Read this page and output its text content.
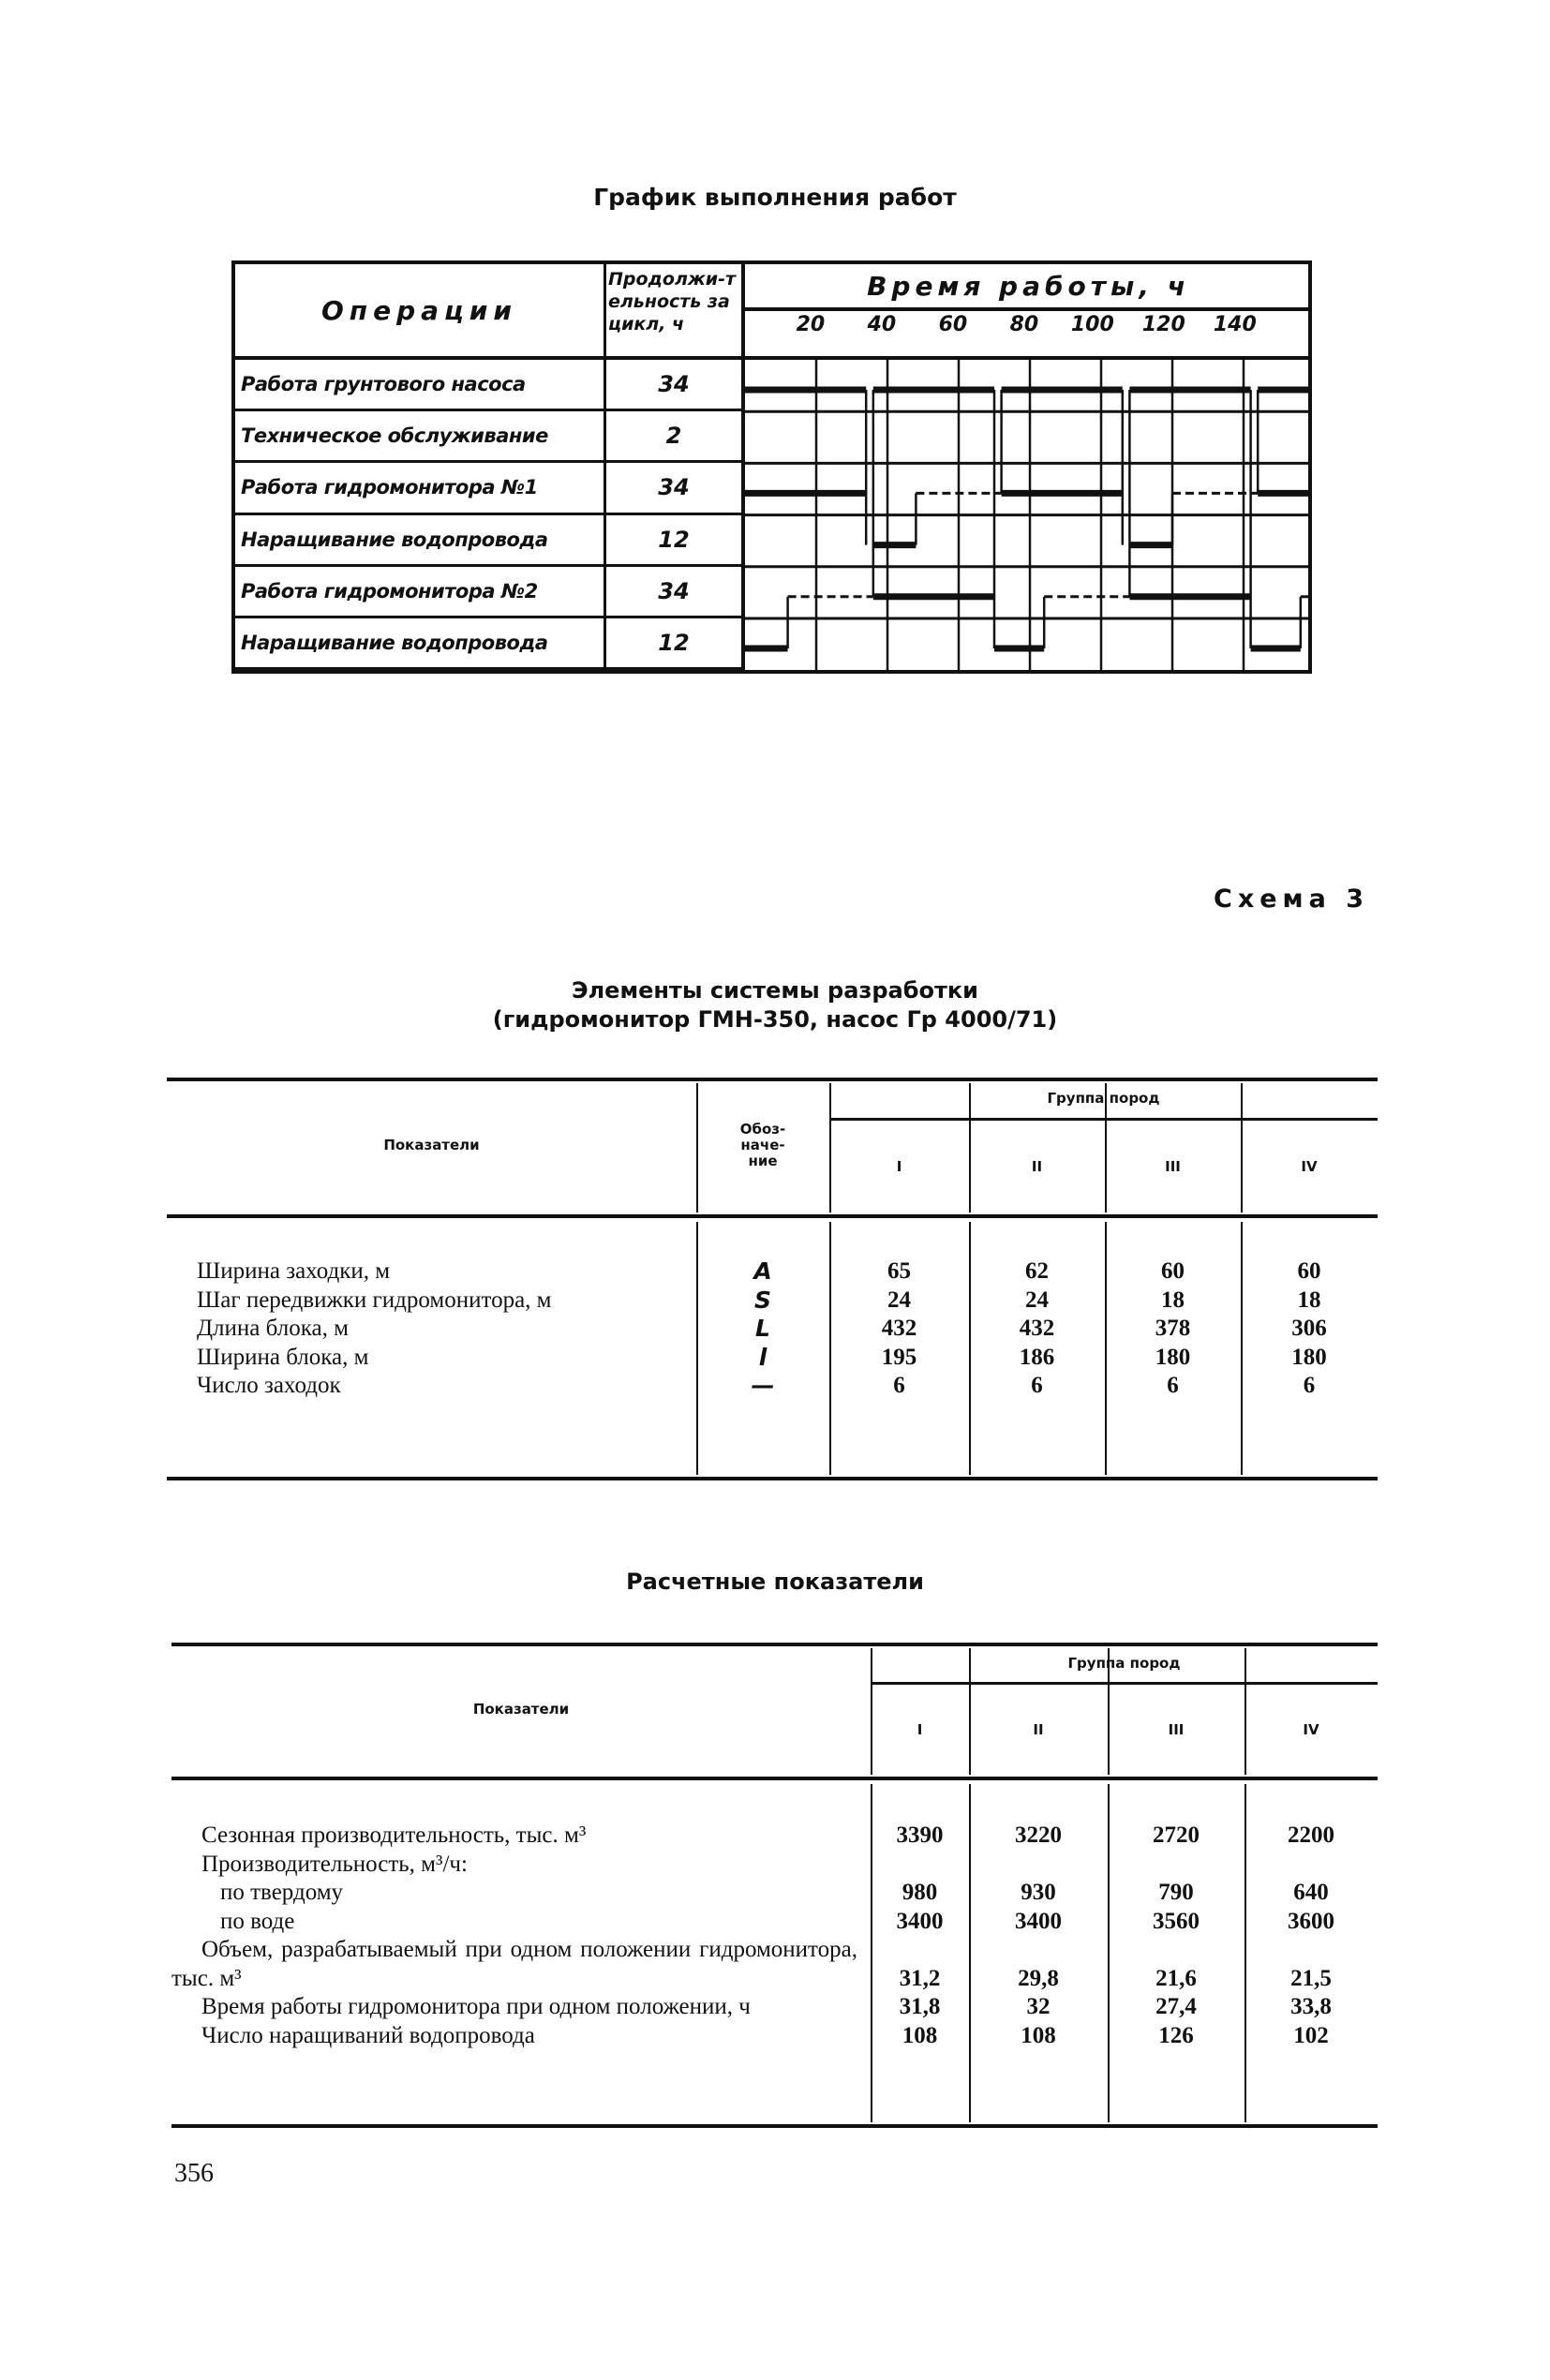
График выполнения работ
Операции
Продолжи-тельность за цикл, ч
Время работы, ч
20 40 60 80 100 120 140
Работа грунтового насоса	34
Техническое обслуживание	2
Работа гидромонитора №1	34
Наращивание водопровода	12
Работа гидромонитора №2	34
Наращивание водопровода	12
Схема 3
Элементы системы разработки
(гидромонитор ГМН-350, насос Гр 4000/71)
Показатели
Обоз-наче-ние
Группа пород
I	II	III	IV
Ширина заходки, м	A	65	62	60	60
Шаг передвижки гидромонитора, м	S	24	24	18	18
Длина блока, м	L	432	432	378	306
Ширина блока, м	l	195	186	180	180
Число заходок	—	6	6	6	6
Расчетные показатели
Показатели
Группа пород
I	II	III	IV
Сезонная производительность, тыс. м³	3390	3220	2720	2200
Производительность, м³/ч:
по твердому	980	930	790	640
по воде	3400	3400	3560	3600
Объем, разрабатываемый при одном положении гидромонитора, тыс. м³	31,2	29,8	21,6	21,5
Время работы гидромонитора при одном положении, ч	31,8	32	27,4	33,8
Число наращиваний водопровода	108	108	126	102
356
